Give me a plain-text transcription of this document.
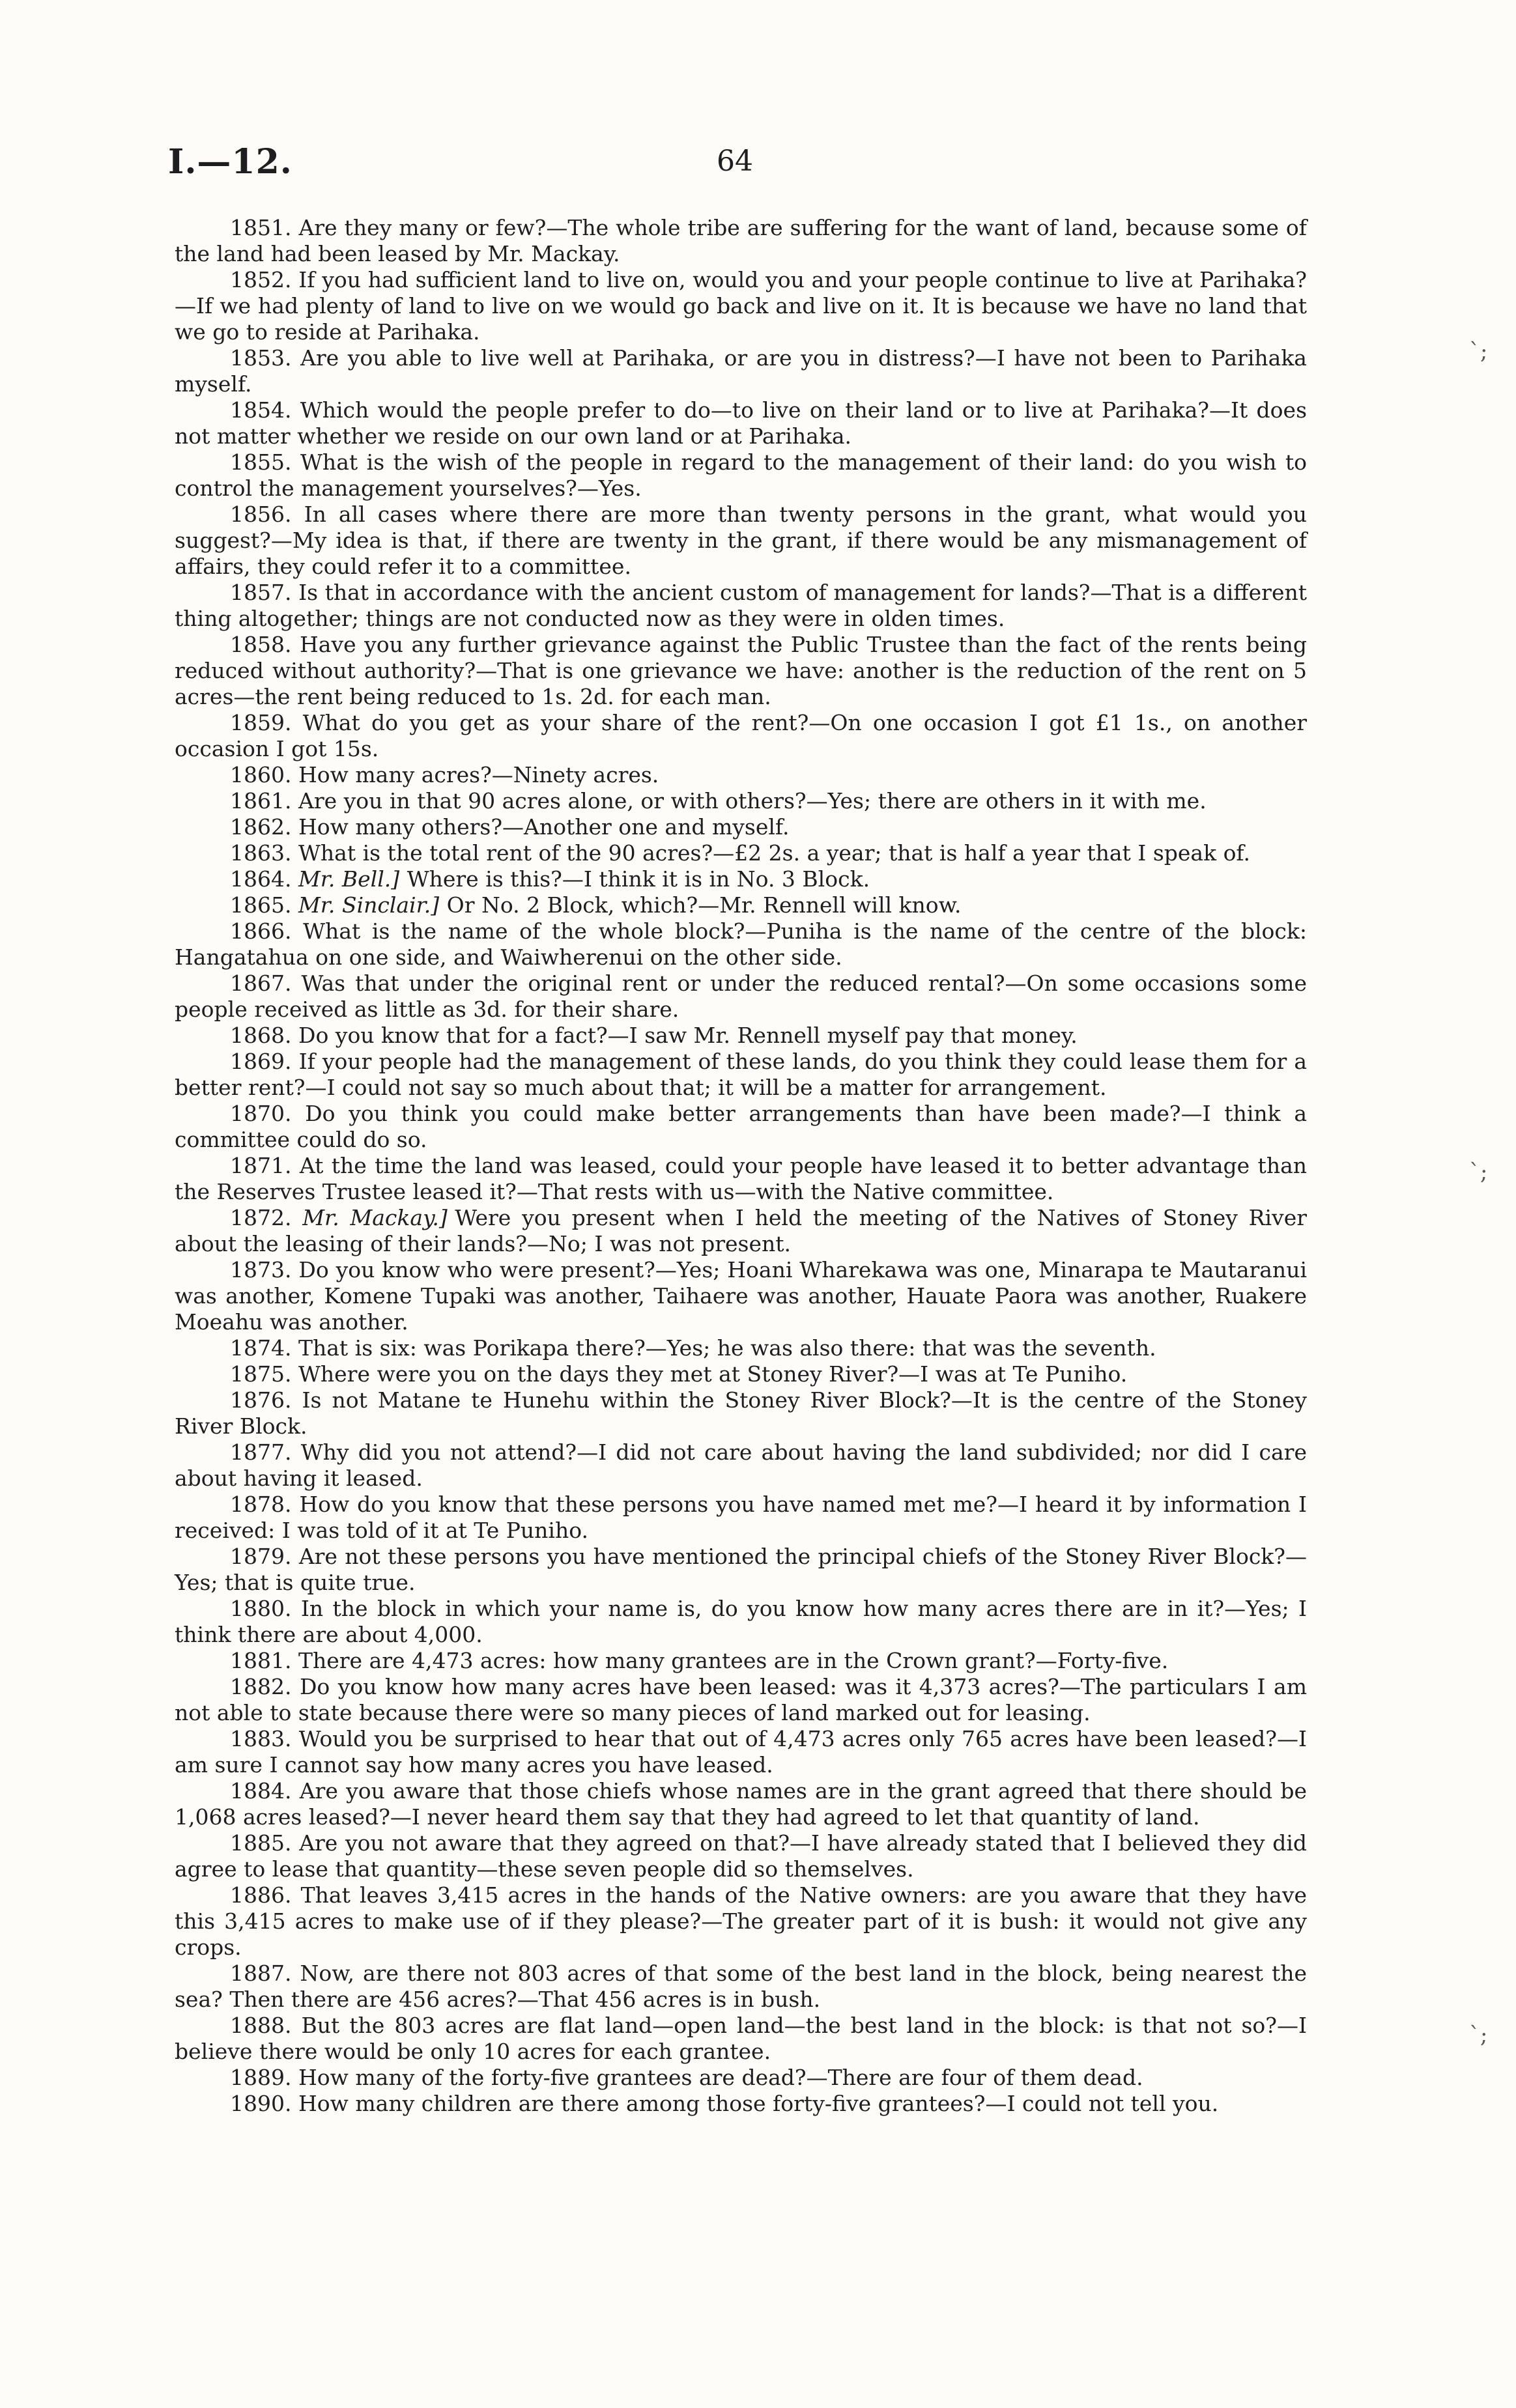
I.—12.	64
ˋ;
ˋ;
ˋ;

1851. Are they many or few?—The whole tribe are suffering for the want of land, because some of the land had been leased by Mr. Mackay.

1852. If you had sufficient land to live on, would you and your people continue to live at Parihaka?—If we had plenty of land to live on we would go back and live on it. It is because we have no land that we go to reside at Parihaka.

1853. Are you able to live well at Parihaka, or are you in distress?—I have not been to Parihaka myself.

1854. Which would the people prefer to do—to live on their land or to live at Parihaka?—It does not matter whether we reside on our own land or at Parihaka.

1855. What is the wish of the people in regard to the management of their land: do you wish to control the management yourselves?—Yes.

1856. In all cases where there are more than twenty persons in the grant, what would you suggest?—My idea is that, if there are twenty in the grant, if there would be any mismanagement of affairs, they could refer it to a committee.

1857. Is that in accordance with the ancient custom of management for lands?—That is a different thing altogether; things are not conducted now as they were in olden times.

1858. Have you any further grievance against the Public Trustee than the fact of the rents being reduced without authority?—That is one grievance we have: another is the reduction of the rent on 5 acres—the rent being reduced to 1s. 2d. for each man.

1859. What do you get as your share of the rent?—On one occasion I got £1 1s., on another occasion I got 15s.

1860. How many acres?—Ninety acres.

1861. Are you in that 90 acres alone, or with others?—Yes; there are others in it with me.

1862. How many others?—Another one and myself.

1863. What is the total rent of the 90 acres?—£2 2s. a year; that is half a year that I speak of.

1864. Mr. Bell.] Where is this?—I think it is in No. 3 Block.

1865. Mr. Sinclair.] Or No. 2 Block, which?—Mr. Rennell will know.

1866. What is the name of the whole block?—Puniha is the name of the centre of the block: Hangatahua on one side, and Waiwherenui on the other side.

1867. Was that under the original rent or under the reduced rental?—On some occasions some people received as little as 3d. for their share.

1868. Do you know that for a fact?—I saw Mr. Rennell myself pay that money.

1869. If your people had the management of these lands, do you think they could lease them for a better rent?—I could not say so much about that; it will be a matter for arrangement.

1870. Do you think you could make better arrangements than have been made?—I think a committee could do so.

1871. At the time the land was leased, could your people have leased it to better advantage than the Reserves Trustee leased it?—That rests with us—with the Native committee.

1872. Mr. Mackay.] Were you present when I held the meeting of the Natives of Stoney River about the leasing of their lands?—No; I was not present.

1873. Do you know who were present?—Yes; Hoani Wharekawa was one, Minarapa te Mautaranui was another, Komene Tupaki was another, Taihaere was another, Hauate Paora was another, Ruakere Moeahu was another.

1874. That is six: was Porikapa there?—Yes; he was also there: that was the seventh.

1875. Where were you on the days they met at Stoney River?—I was at Te Puniho.

1876. Is not Matane te Hunehu within the Stoney River Block?—It is the centre of the Stoney River Block.

1877. Why did you not attend?—I did not care about having the land subdivided; nor did I care about having it leased.

1878. How do you know that these persons you have named met me?—I heard it by information I received: I was told of it at Te Puniho.

1879. Are not these persons you have mentioned the principal chiefs of the Stoney River Block?—Yes; that is quite true.

1880. In the block in which your name is, do you know how many acres there are in it?—Yes; I think there are about 4,000.

1881. There are 4,473 acres: how many grantees are in the Crown grant?—Forty-five.

1882. Do you know how many acres have been leased: was it 4,373 acres?—The particulars I am not able to state because there were so many pieces of land marked out for leasing.

1883. Would you be surprised to hear that out of 4,473 acres only 765 acres have been leased?—I am sure I cannot say how many acres you have leased.

1884. Are you aware that those chiefs whose names are in the grant agreed that there should be 1,068 acres leased?—I never heard them say that they had agreed to let that quantity of land.

1885. Are you not aware that they agreed on that?—I have already stated that I believed they did agree to lease that quantity—these seven people did so themselves.

1886. That leaves 3,415 acres in the hands of the Native owners: are you aware that they have this 3,415 acres to make use of if they please?—The greater part of it is bush: it would not give any crops.

1887. Now, are there not 803 acres of that some of the best land in the block, being nearest the sea? Then there are 456 acres?—That 456 acres is in bush.

1888. But the 803 acres are flat land—open land—the best land in the block: is that not so?—I believe there would be only 10 acres for each grantee.

1889. How many of the forty-five grantees are dead?—There are four of them dead.

1890. How many children are there among those forty-five grantees?—I could not tell you.
